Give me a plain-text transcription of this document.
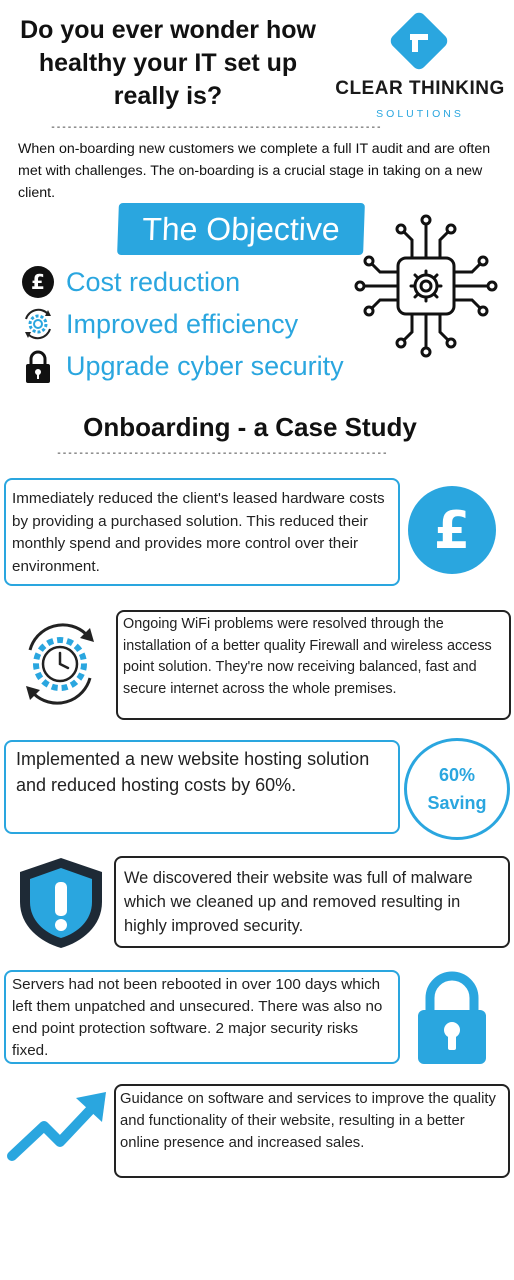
Do you ever wonder how healthy your IT set up really is?	CLEAR THINKING
SOLUTIONS
------------------------------------------------------------
When on-boarding new customers we complete a full IT audit and are often met with challenges. The on-boarding is a crucial stage in taking on a new client.
The Objective
£ Cost reduction
Improved efficiency
Upgrade cyber security
Onboarding - a Case Study
------------------------------------------------------------
Immediately reduced the client's leased hardware costs by providing a purchased solution. This reduced their monthly spend and provides more control over their environment.
£
Ongoing WiFi problems were resolved through the installation of a better quality Firewall and wireless access point solution. They're now receiving balanced, fast and secure internet across the whole premises.
Implemented a new website hosting solution and reduced hosting costs by 60%.	60%
Saving
We discovered their website was full of malware which we cleaned up and removed resulting in highly improved security.
Servers had not been rebooted in over 100 days which left them unpatched and unsecured. There was also no end point protection software. 2 major security risks fixed.
Guidance on software and services to improve the quality and functionality of their website, resulting in a better online presence and increased sales.
